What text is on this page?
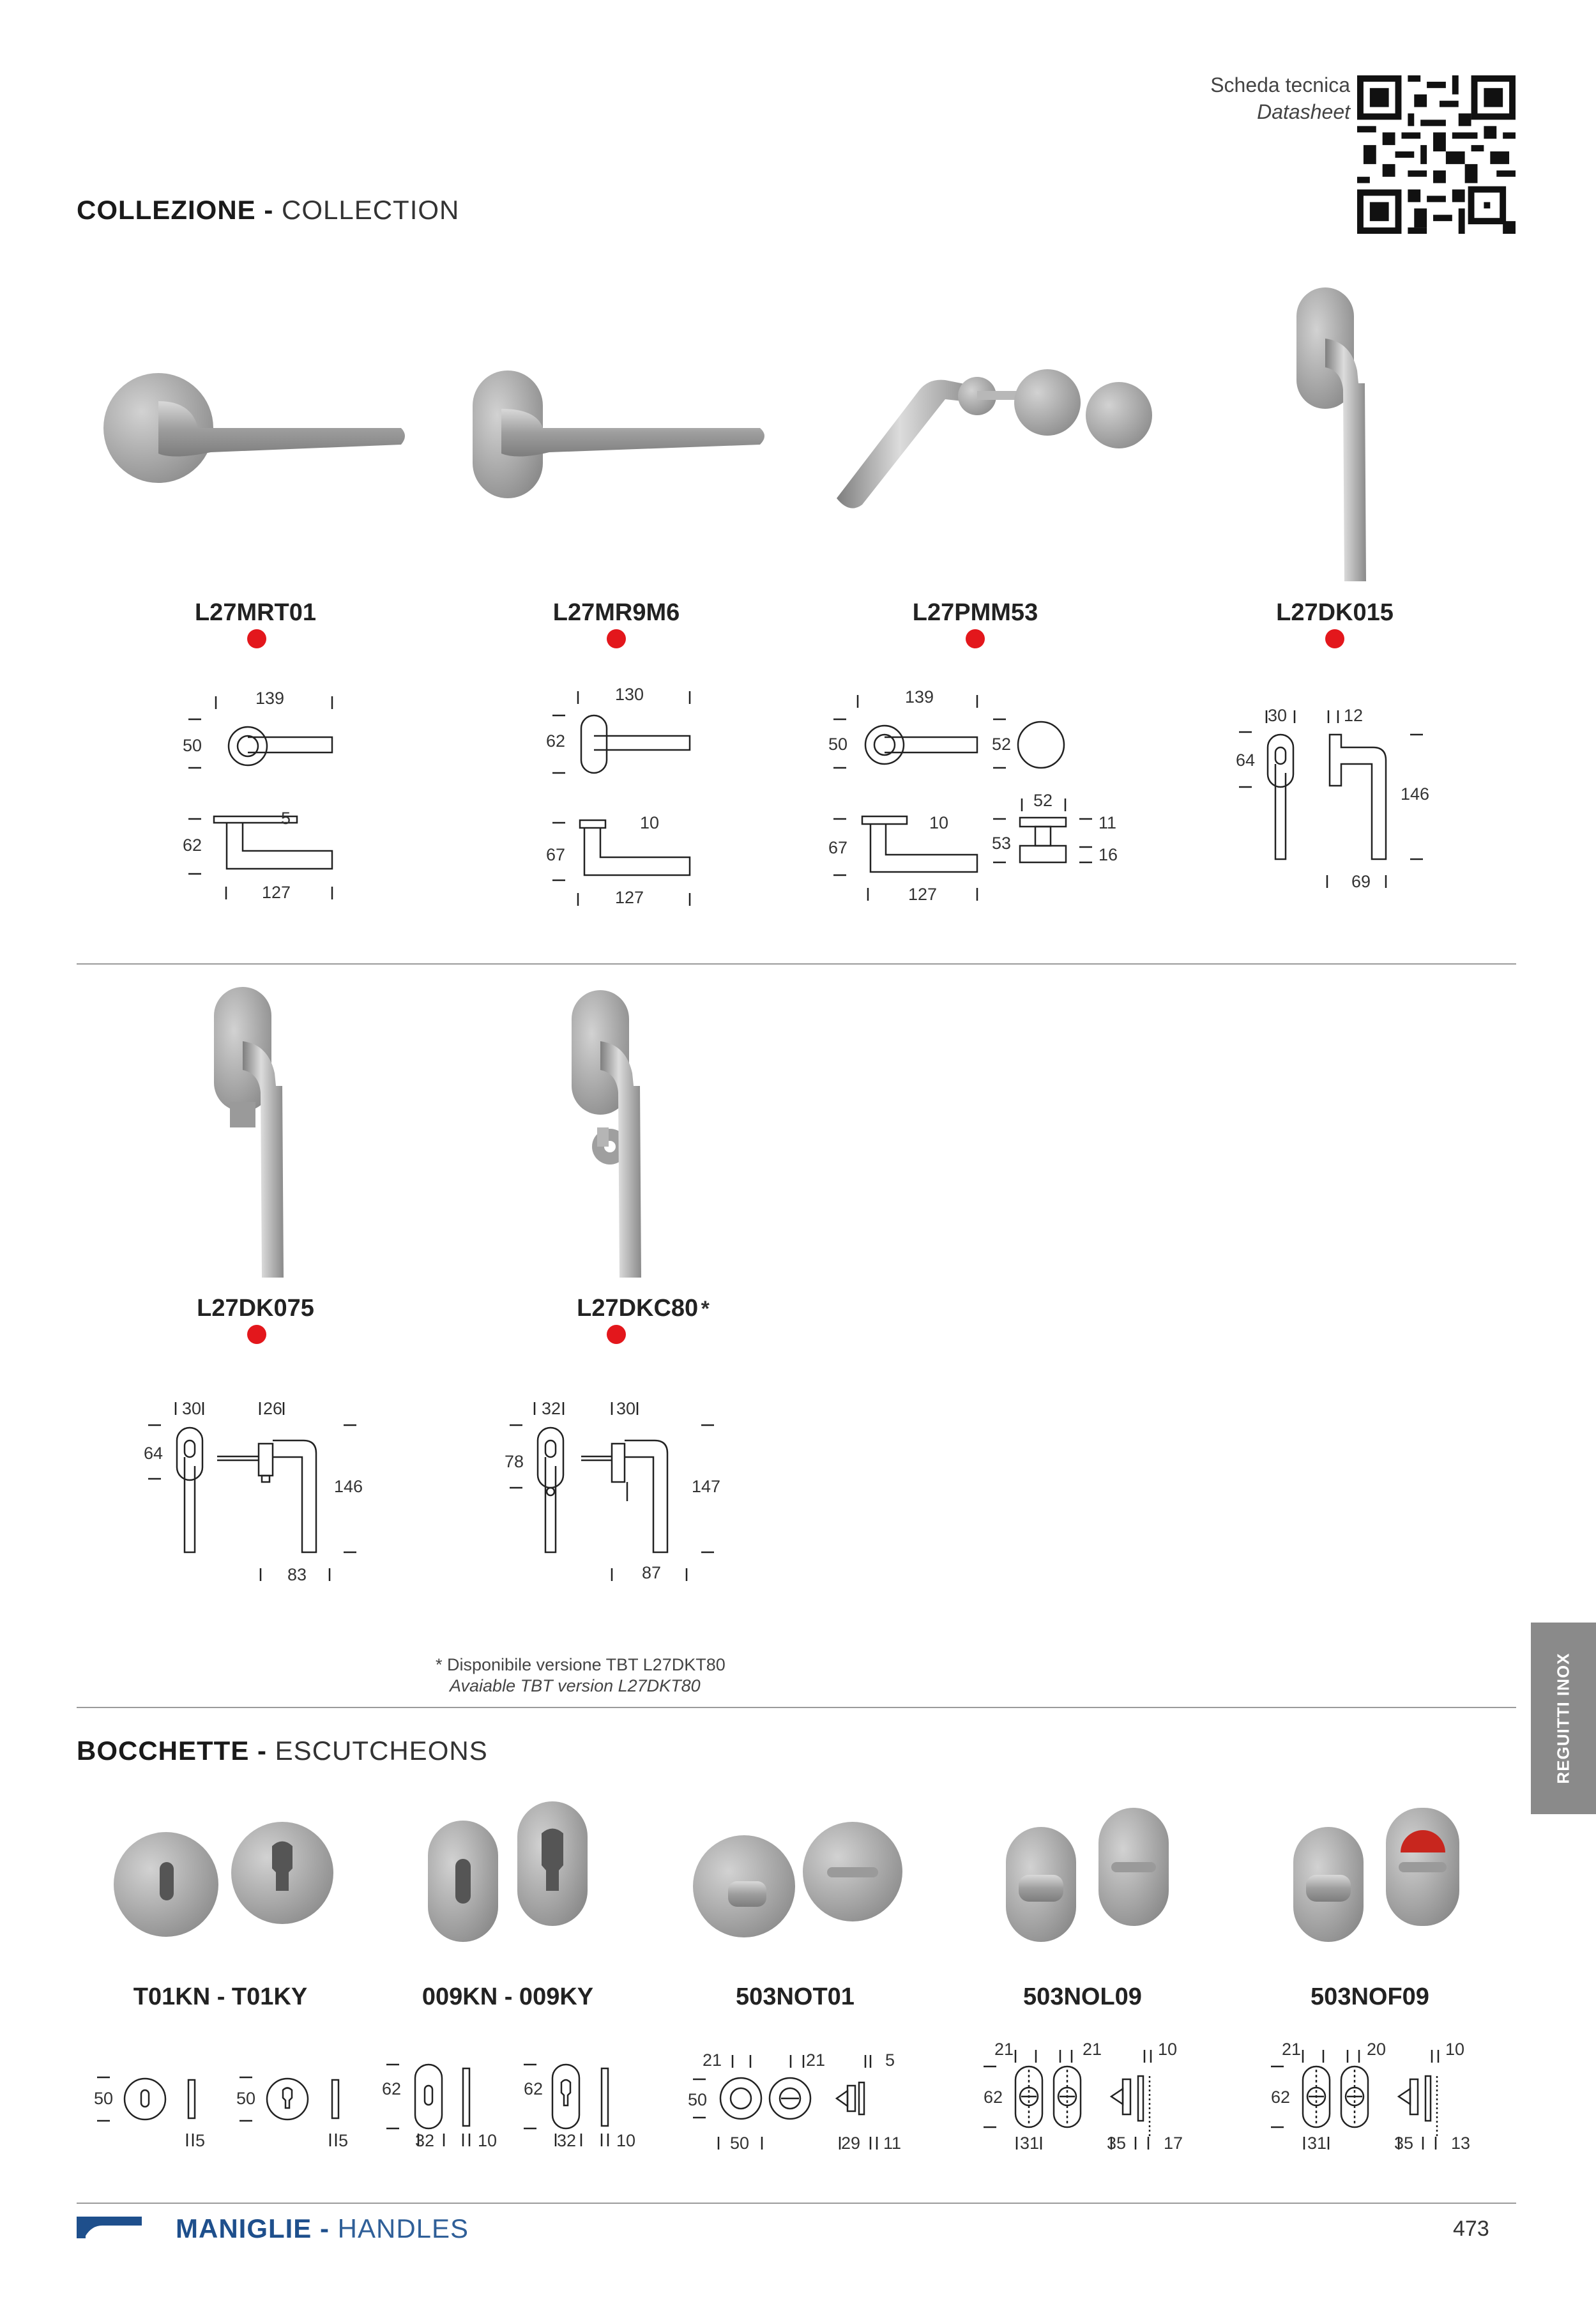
Scheda tecnica
Datasheet
COLLEZIONE - COLLECTION
L27MRT01	L27MR9M6	L27PMM53	L27DK015
139
50
5
62
127
130
62
10
67
127
139
50	52
52
11
10
67	53
16
127
30	12
64
146
69
L27DK075	L27DKC80 *
30	26
64
146
83
32	30
78
147
87
* Disponibile versione TBT L27DKT80
Avaiable TBT version L27DKT80	REGUITTI INOX
BOCCHETTE - ESCUTCHEONS
T01KN - T01KY	009KN - 009KY	503NOT01	503NOL09	503NOF09
50
5
50
5
62
32	10
62
32 10
21	21	5
50
50	29 11
21	21	10
62
31	35 17
21	20	10
62
31	35 13
MANIGLIE - HANDLES	473
